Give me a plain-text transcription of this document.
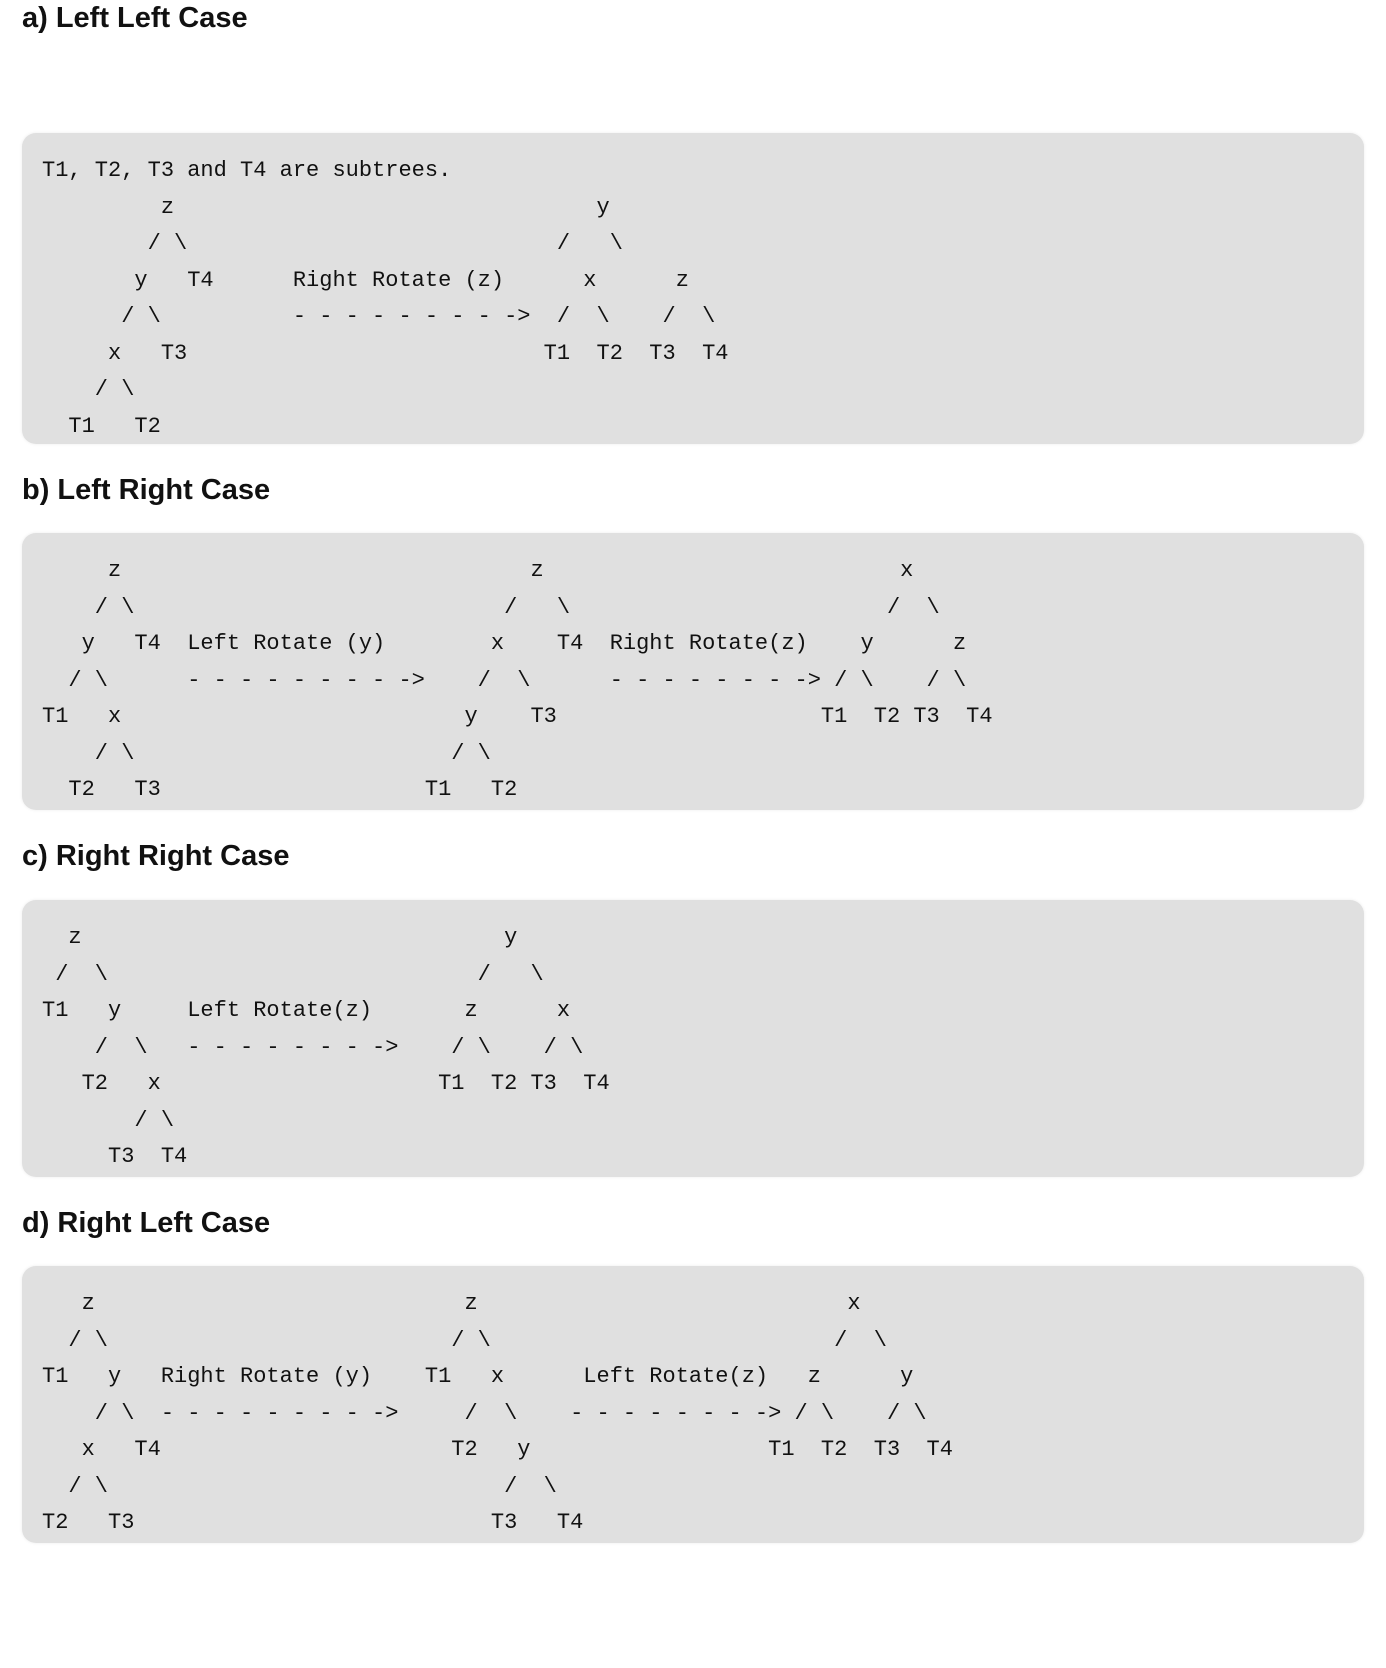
a) Left Left Case
T1, T2, T3 and T4 are subtrees.
z                                y
/ \                            /   \
y   T4      Right Rotate (z)      x      z
/ \          - - - - - - - - ->  /  \    /  \
x   T3                           T1  T2  T3  T4
/ \
T1   T2
b) Left Right Case
z                               z                           x
/ \                            /   \                        /  \
y   T4  Left Rotate (y)        x    T4  Right Rotate(z)    y      z
/ \      - - - - - - - - ->    /  \      - - - - - - - -> / \    / \
T1   x                          y    T3                    T1  T2 T3  T4
/ \                        / \
T2   T3                    T1   T2
c) Right Right Case
z                                y
/  \                            /   \
T1   y     Left Rotate(z)       z      x
/  \   - - - - - - - ->    / \    / \
T2   x                     T1  T2 T3  T4
/ \
T3  T4
d) Right Left Case
z                            z                            x
/ \                          / \                          /  \
T1   y   Right Rotate (y)    T1   x      Left Rotate(z)   z      y
/ \  - - - - - - - - ->     /  \    - - - - - - - -> / \    / \
x   T4                      T2   y                  T1  T2  T3  T4
/ \                              /  \
T2   T3                           T3   T4
